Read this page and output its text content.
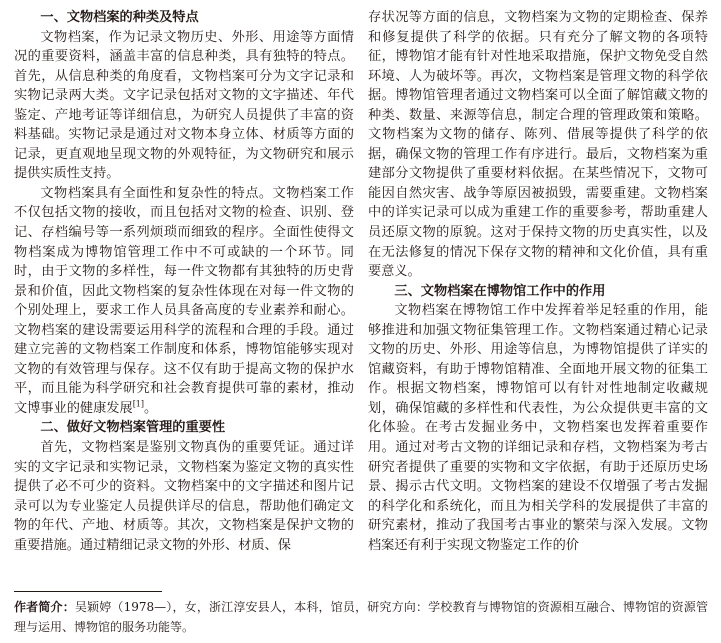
一、文物档案的种类及特点

文物档案，作为记录文物历史、外形、用途等方面情况的重要资料，涵盖丰富的信息种类，具有独特的特点。首先，从信息种类的角度看，文物档案可分为文字记录和实物记录两大类。文字记录包括对文物的文字描述、年代鉴定、产地考证等详细信息，为研究人员提供了丰富的资料基础。实物记录是通过对文物本身立体、材质等方面的记录，更直观地呈现文物的外观特征，为文物研究和展示提供实质性支持。

文物档案具有全面性和复杂性的特点。文物档案工作不仅包括文物的接收，而且包括对文物的检查、识别、登记、存档编号等一系列烦琐而细致的程序。全面性使得文物档案成为博物馆管理工作中不可或缺的一个环节。同时，由于文物的多样性，每一件文物都有其独特的历史背景和价值，因此文物档案的复杂性体现在对每一件文物的个别处理上，要求工作人员具备高度的专业素养和耐心。文物档案的建设需要运用科学的流程和合理的手段。通过建立完善的文物档案工作制度和体系，博物馆能够实现对文物的有效管理与保存。这不仅有助于提高文物的保护水平，而且能为科学研究和社会教育提供可靠的素材，推动文博事业的健康发展[1]。

二、做好文物档案管理的重要性

首先，文物档案是鉴别文物真伪的重要凭证。通过详实的文字记录和实物记录，文物档案为鉴定文物的真实性提供了必不可少的资料。文物档案中的文字描述和图片记录可以为专业鉴定人员提供详尽的信息，帮助他们确定文物的年代、产地、材质等。其次，文物档案是保护文物的重要措施。通过精细记录文物的外形、材质、保

存状况等方面的信息，文物档案为文物的定期检查、保养和修复提供了科学的依据。只有充分了解文物的各项特征，博物馆才能有针对性地采取措施，保护文物免受自然环境、人为破坏等。再次，文物档案是管理文物的科学依据。博物馆管理者通过文物档案可以全面了解馆藏文物的种类、数量、来源等信息，制定合理的管理政策和策略。文物档案为文物的储存、陈列、借展等提供了科学的依据，确保文物的管理工作有序进行。最后，文物档案为重建部分文物提供了重要材料依据。在某些情况下，文物可能因自然灾害、战争等原因被损毁，需要重建。文物档案中的详实记录可以成为重建工作的重要参考，帮助重建人员还原文物的原貌。这对于保持文物的历史真实性，以及在无法修复的情况下保存文物的精神和文化价值，具有重要意义。

三、文物档案在博物馆工作中的作用

文物档案在博物馆工作中发挥着举足轻重的作用，能够推进和加强文物征集管理工作。文物档案通过精心记录文物的历史、外形、用途等信息，为博物馆提供了详实的馆藏资料，有助于博物馆精准、全面地开展文物的征集工作。根据文物档案，博物馆可以有针对性地制定收藏规划，确保馆藏的多样性和代表性，为公众提供更丰富的文化体验。在考古发掘业务中，文物档案也发挥着重要作用。通过对考古文物的详细记录和存档，文物档案为考古研究者提供了重要的实物和文字依据，有助于还原历史场景、揭示古代文明。文物档案的建设不仅增强了考古发掘的科学化和系统化，而且为相关学科的发展提供了丰富的研究素材，推动了我国考古事业的繁荣与深入发展。文物档案还有利于实现文物鉴定工作的价

作者简介：吴颖婷（1978—），女，浙江淳安县人，本科，馆员，研究方向：学校教育与博物馆的资源相互融合、博物馆的资源管理与运用、博物馆的服务功能等。
